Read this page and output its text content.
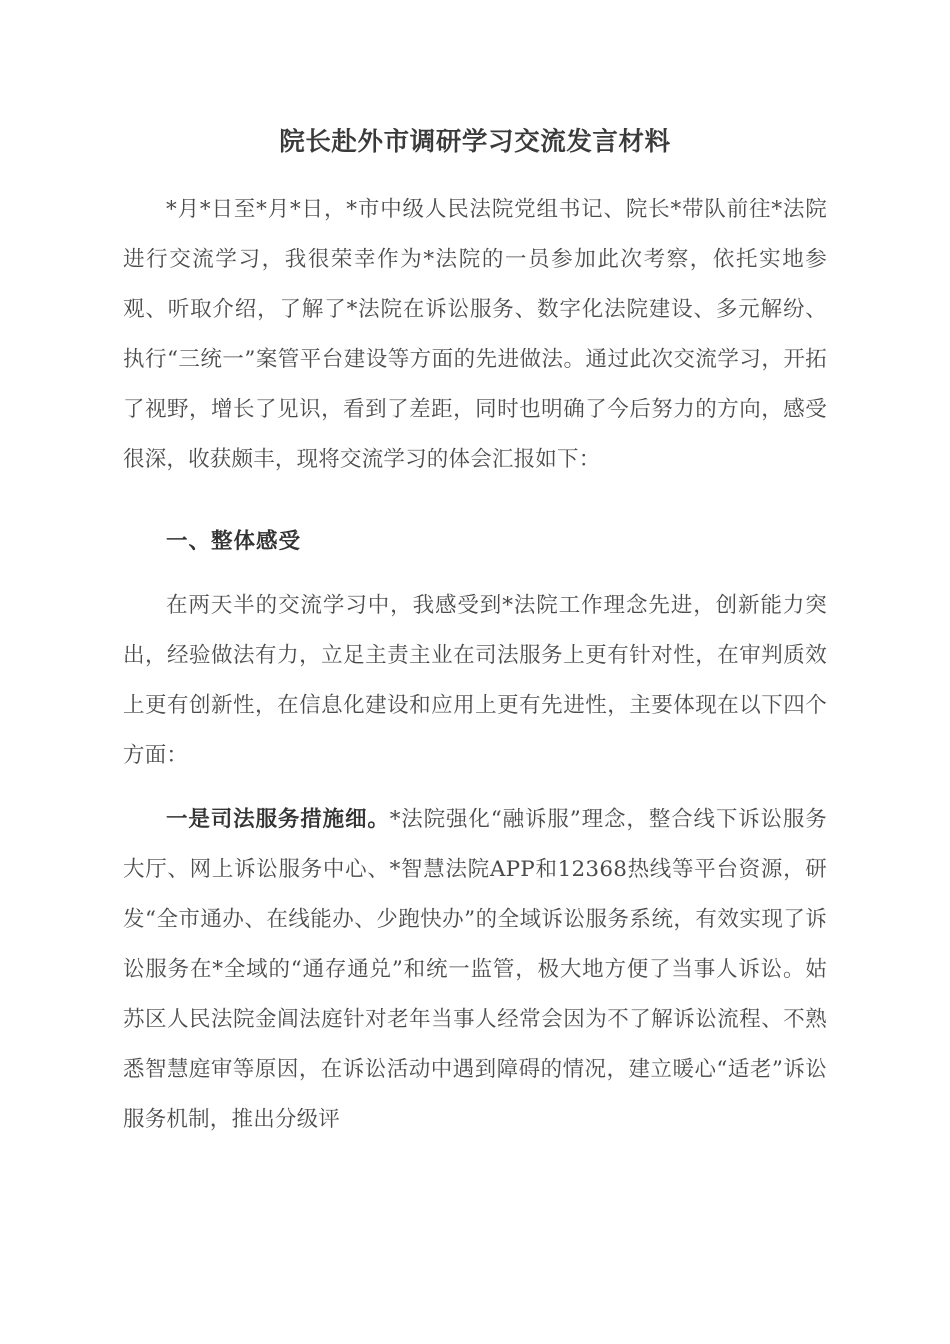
院长赴外市调研学习交流发言材料

*月*日至*月*日，*市中级人民法院党组书记、院长*带队前往*法院进行交流学习，我很荣幸作为*法院的一员参加此次考察，依托实地参观、听取介绍，了解了*法院在诉讼服务、数字化法院建设、多元解纷、执行“三统一”案管平台建设等方面的先进做法。通过此次交流学习，开拓了视野，增长了见识，看到了差距，同时也明确了今后努力的方向，感受很深，收获颇丰，现将交流学习的体会汇报如下：

一、整体感受

在两天半的交流学习中，我感受到*法院工作理念先进，创新能力突出，经验做法有力，立足主责主业在司法服务上更有针对性，在审判质效上更有创新性，在信息化建设和应用上更有先进性，主要体现在以下四个方面：

一是司法服务措施细。*法院强化“融诉服”理念，整合线下诉讼服务大厅、网上诉讼服务中心、*智慧法院APP和12368热线等平台资源，研发“全市通办、在线能办、少跑快办”的全域诉讼服务系统，有效实现了诉讼服务在*全域的“通存通兑”和统一监管，极大地方便了当事人诉讼。姑苏区人民法院金阊法庭针对老年当事人经常会因为不了解诉讼流程、不熟悉智慧庭审等原因，在诉讼活动中遇到障碍的情况，建立暖心“适老”诉讼服务机制，推出分级评
